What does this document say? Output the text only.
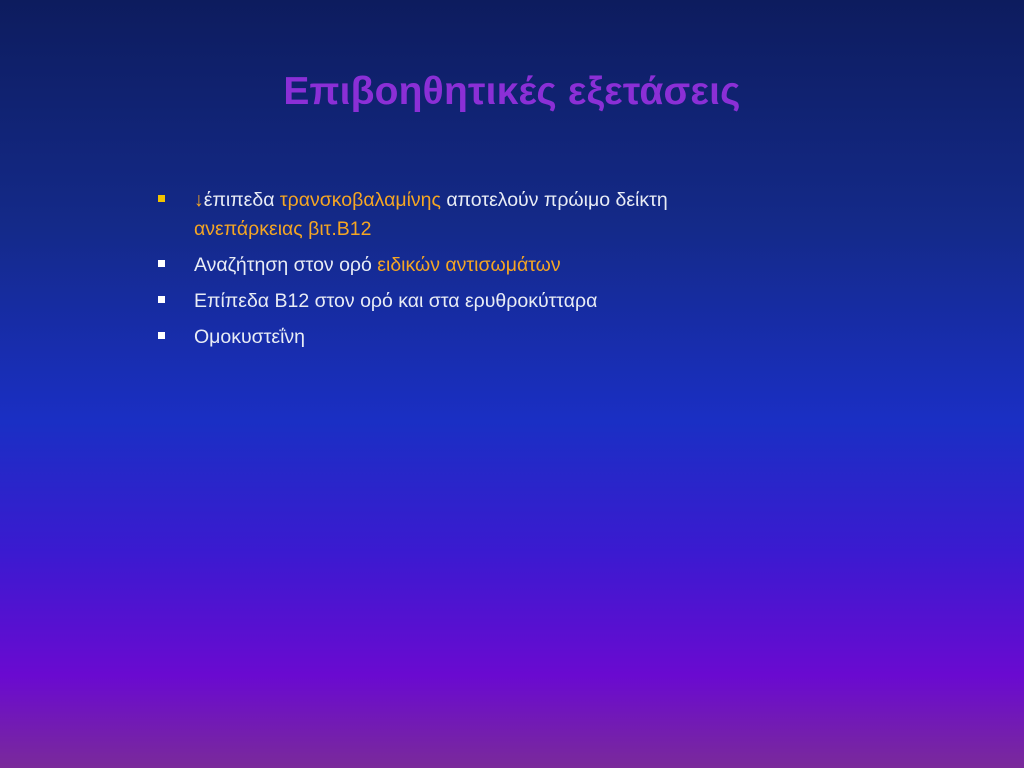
Επιβοηθητικές εξετάσεις
↓έπιπεδα τρανσκοβαλαμίνης αποτελούν πρώιμο δείκτη
ανεπάρκειας βιτ.Β12
Αναζήτηση στον ορό ειδικών αντισωμάτων
Επίπεδα Β12 στον ορό και στα ερυθροκύτταρα
Ομοκυστεΐνη
